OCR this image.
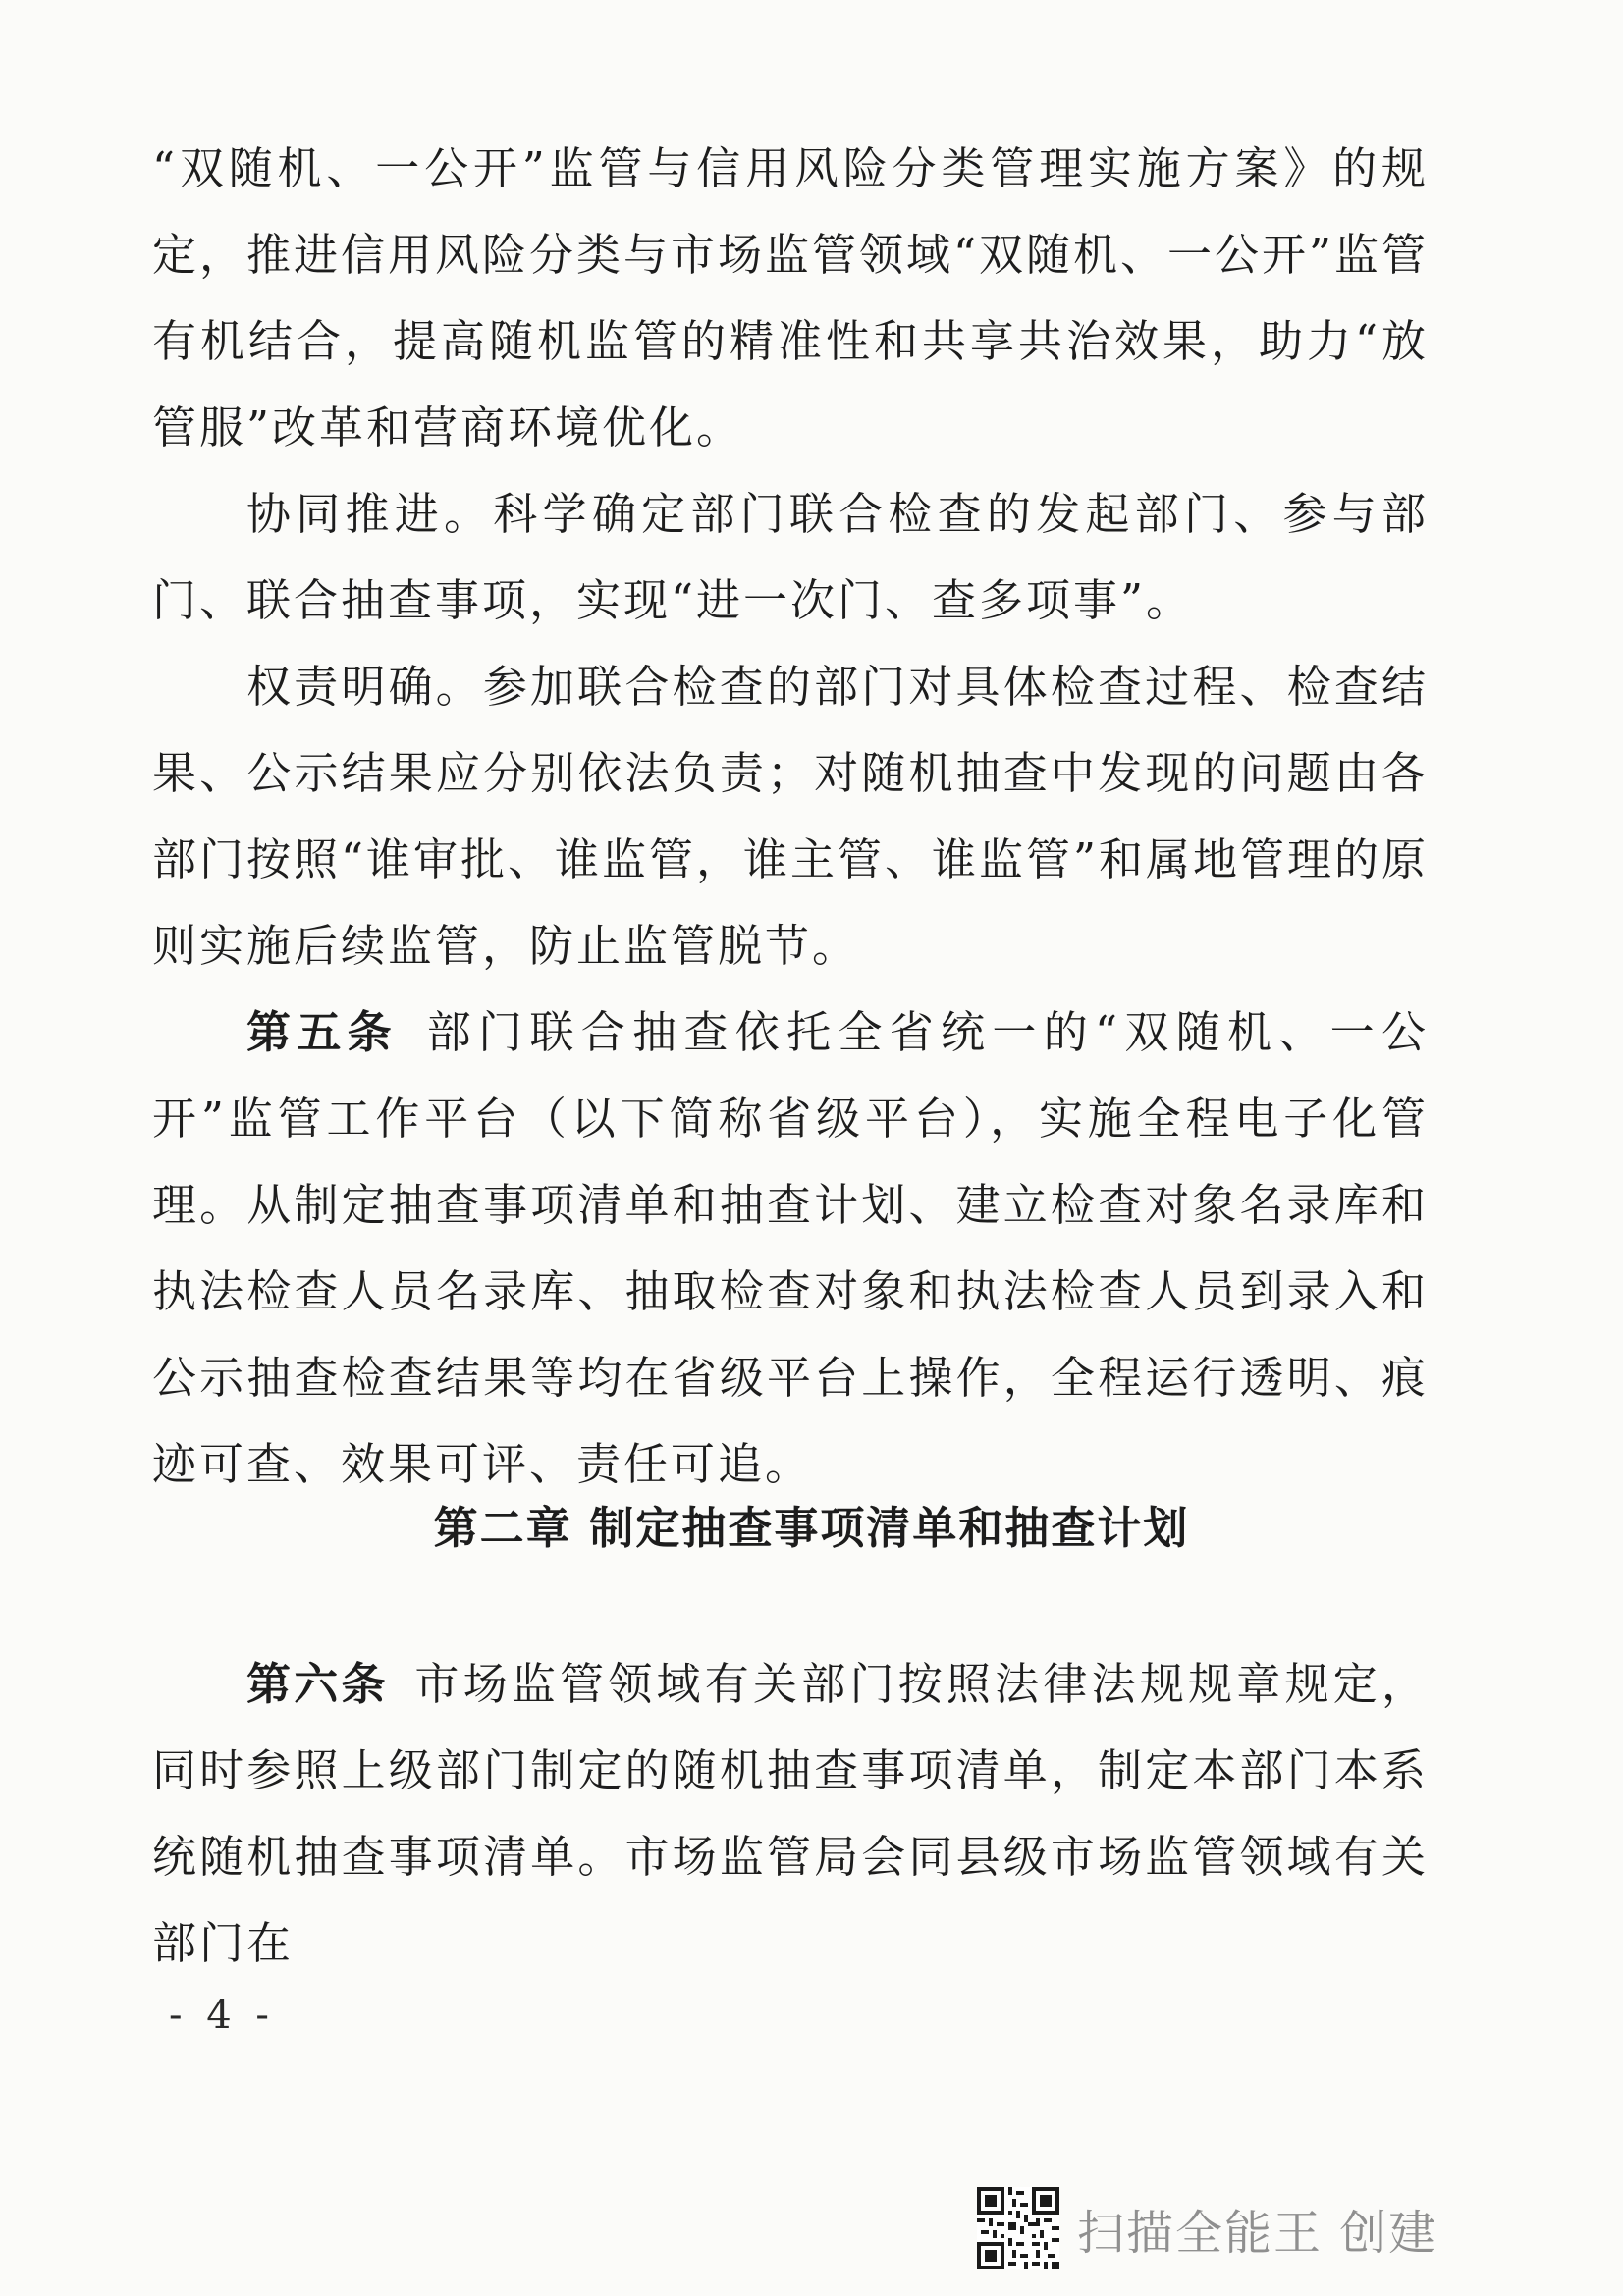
“双随机、一公开”监管与信用风险分类管理实施方案》的规定，推进信用风险分类与市场监管领域“双随机、一公开”监管有机结合，提高随机监管的精准性和共享共治效果，助力“放管服”改革和营商环境优化。

协同推进。科学确定部门联合检查的发起部门、参与部门、联合抽查事项，实现“进一次门、查多项事”。

权责明确。参加联合检查的部门对具体检查过程、检查结果、公示结果应分别依法负责；对随机抽查中发现的问题由各部门按照“谁审批、谁监管，谁主管、谁监管”和属地管理的原则实施后续监管，防止监管脱节。

第五条  部门联合抽查依托全省统一的“双随机、一公开”监管工作平台（以下简称省级平台），实施全程电子化管理。从制定抽查事项清单和抽查计划、建立检查对象名录库和执法检查人员名录库、抽取检查对象和执法检查人员到录入和公示抽查检查结果等均在省级平台上操作，全程运行透明、痕迹可查、效果可评、责任可追。

第二章 制定抽查事项清单和抽查计划

第六条  市场监管领域有关部门按照法律法规规章规定，同时参照上级部门制定的随机抽查事项清单，制定本部门本系统随机抽查事项清单。市场监管局会同县级市场监管领域有关部门在

- 4 -
扫描全能王 创建
